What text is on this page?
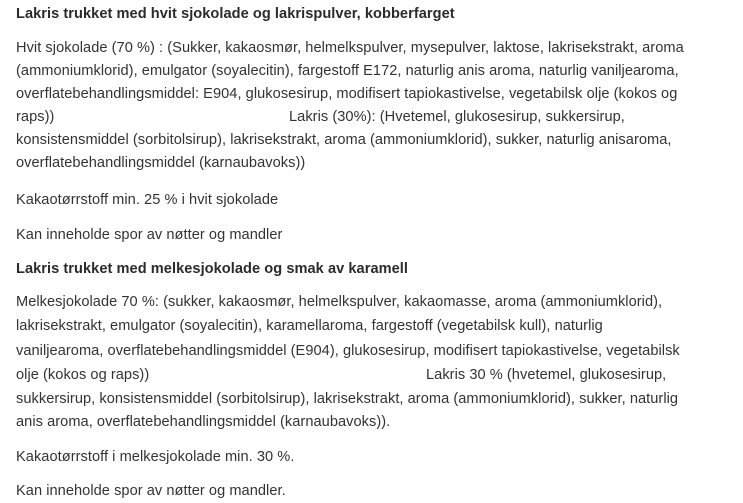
Lakris trukket med hvit sjokolade og lakrispulver, kobberfarget
Hvit sjokolade (70 %) : (Sukker, kakaosmør, helmelkspulver, mysepulver, laktose, lakrisekstrakt, aroma
(ammoniumklorid), emulgator (soyalecitin), fargestoff E172, naturlig anis aroma, naturlig vaniljearoma,
overflatebehandlingsmiddel: E904, glukosesirup, modifisert tapiokastivelse, vegetabilsk olje (kokos og
raps))	Lakris (30%): (Hvetemel, glukosesirup, sukkersirup,
konsistensmiddel (sorbitolsirup), lakrisekstrakt, aroma (ammoniumklorid), sukker, naturlig anisaroma,
overflatebehandlingsmiddel (karnaubavoks))
Kakaotørrstoff min. 25 % i hvit sjokolade
Kan inneholde spor av nøtter og mandler
Lakris trukket med melkesjokolade og smak av karamell
Melkesjokolade 70 %: (sukker, kakaosmør, helmelkspulver, kakaomasse, aroma (ammoniumklorid),
lakrisekstrakt, emulgator (soyalecitin), karamellaroma, fargestoff (vegetabilsk kull), naturlig
vaniljearoma, overflatebehandlingsmiddel (E904), glukosesirup, modifisert tapiokastivelse, vegetabilsk
olje (kokos og raps))	Lakris 30 % (hvetemel, glukosesirup,
sukkersirup, konsistensmiddel (sorbitolsirup), lakrisekstrakt, aroma (ammoniumklorid), sukker, naturlig
anis aroma, overflatebehandlingsmiddel (karnaubavoks)).
Kakaotørrstoff i melkesjokolade min. 30 %.
Kan inneholde spor av nøtter og mandler.
